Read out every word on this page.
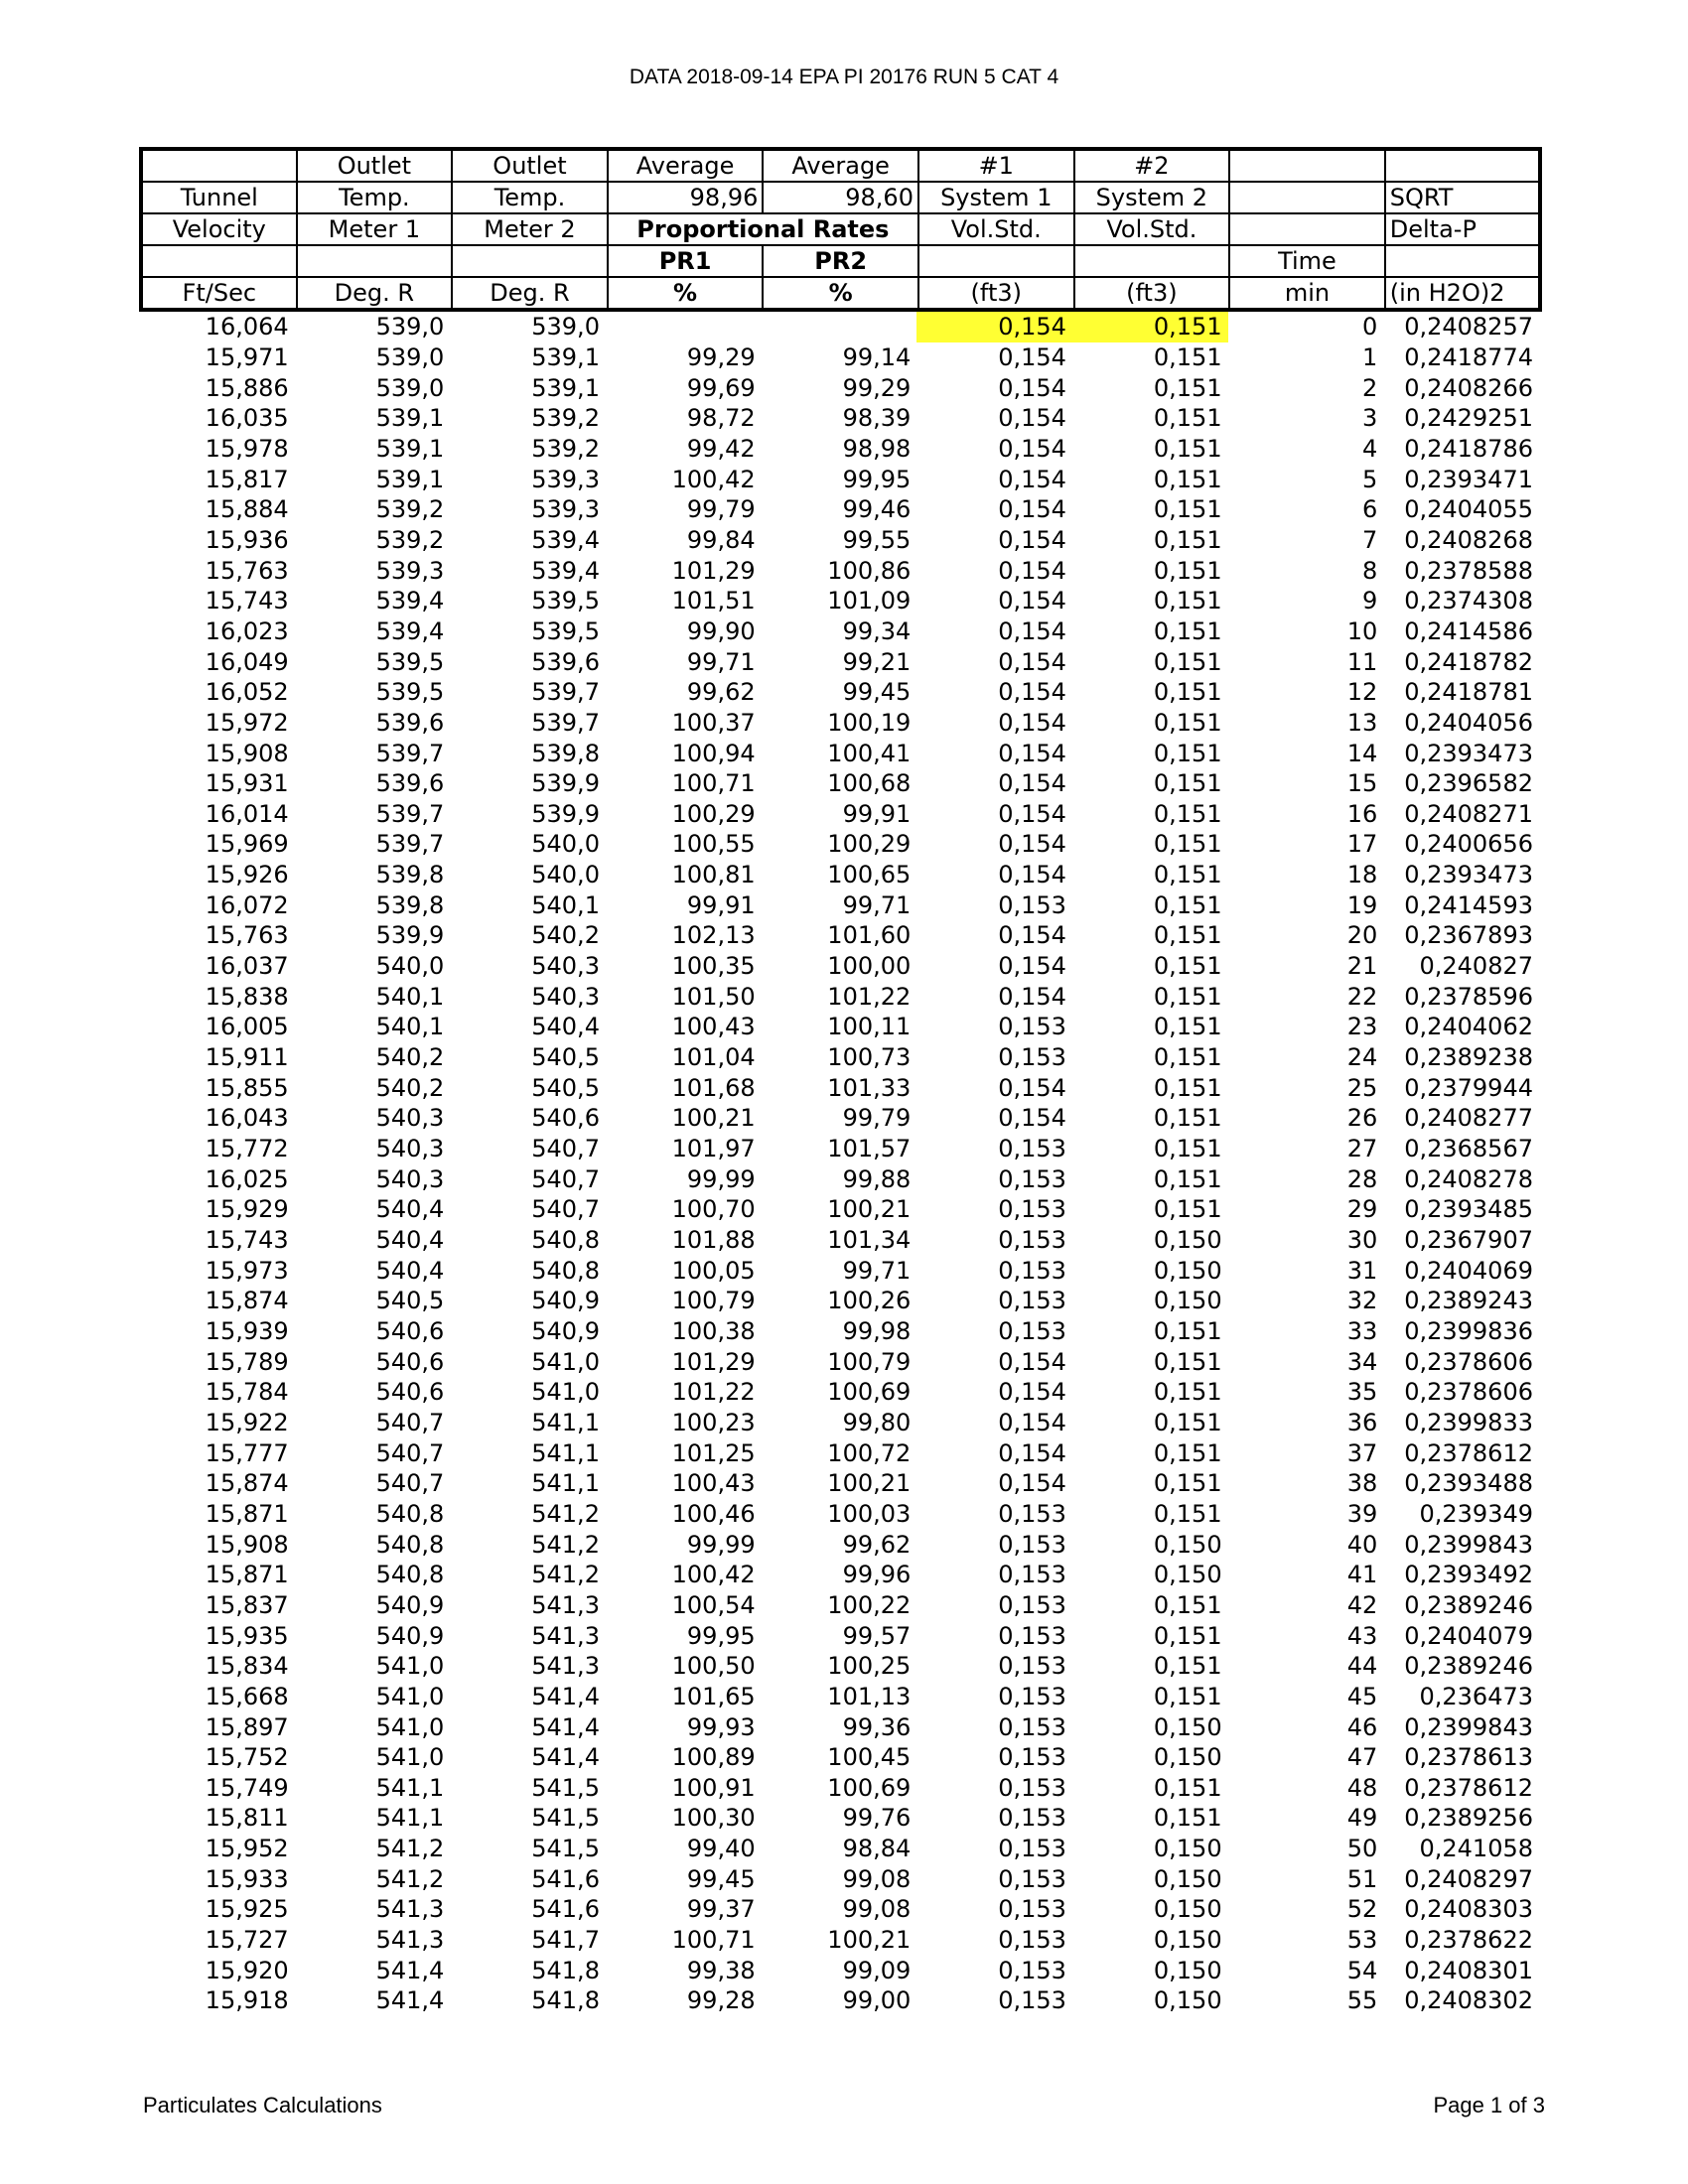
DATA 2018-09-14 EPA PI 20176 RUN 5 CAT 4
	Outlet	Outlet	Average	Average	#1	#2		
Tunnel	Temp.	Temp.	98,96	98,60	System 1	System 2		SQRT
Velocity	Meter 1	Meter 2	Proportional Rates		Vol.Std.	Vol.Std.		Delta-P
			PR1	PR2			Time	
Ft/Sec	Deg. R	Deg. R	%	%	(ft3)	(ft3)	min	(in H2O)2
16,064	539,0	539,0			0,154	0,151	0	0,2408257
15,971	539,0	539,1	99,29	99,14	0,154	0,151	1	0,2418774
15,886	539,0	539,1	99,69	99,29	0,154	0,151	2	0,2408266
16,035	539,1	539,2	98,72	98,39	0,154	0,151	3	0,2429251
15,978	539,1	539,2	99,42	98,98	0,154	0,151	4	0,2418786
15,817	539,1	539,3	100,42	99,95	0,154	0,151	5	0,2393471
15,884	539,2	539,3	99,79	99,46	0,154	0,151	6	0,2404055
15,936	539,2	539,4	99,84	99,55	0,154	0,151	7	0,2408268
15,763	539,3	539,4	101,29	100,86	0,154	0,151	8	0,2378588
15,743	539,4	539,5	101,51	101,09	0,154	0,151	9	0,2374308
16,023	539,4	539,5	99,90	99,34	0,154	0,151	10	0,2414586
16,049	539,5	539,6	99,71	99,21	0,154	0,151	11	0,2418782
16,052	539,5	539,7	99,62	99,45	0,154	0,151	12	0,2418781
15,972	539,6	539,7	100,37	100,19	0,154	0,151	13	0,2404056
15,908	539,7	539,8	100,94	100,41	0,154	0,151	14	0,2393473
15,931	539,6	539,9	100,71	100,68	0,154	0,151	15	0,2396582
16,014	539,7	539,9	100,29	99,91	0,154	0,151	16	0,2408271
15,969	539,7	540,0	100,55	100,29	0,154	0,151	17	0,2400656
15,926	539,8	540,0	100,81	100,65	0,154	0,151	18	0,2393473
16,072	539,8	540,1	99,91	99,71	0,153	0,151	19	0,2414593
15,763	539,9	540,2	102,13	101,60	0,154	0,151	20	0,2367893
16,037	540,0	540,3	100,35	100,00	0,154	0,151	21	0,240827
15,838	540,1	540,3	101,50	101,22	0,154	0,151	22	0,2378596
16,005	540,1	540,4	100,43	100,11	0,153	0,151	23	0,2404062
15,911	540,2	540,5	101,04	100,73	0,153	0,151	24	0,2389238
15,855	540,2	540,5	101,68	101,33	0,154	0,151	25	0,2379944
16,043	540,3	540,6	100,21	99,79	0,154	0,151	26	0,2408277
15,772	540,3	540,7	101,97	101,57	0,153	0,151	27	0,2368567
16,025	540,3	540,7	99,99	99,88	0,153	0,151	28	0,2408278
15,929	540,4	540,7	100,70	100,21	0,153	0,151	29	0,2393485
15,743	540,4	540,8	101,88	101,34	0,153	0,150	30	0,2367907
15,973	540,4	540,8	100,05	99,71	0,153	0,150	31	0,2404069
15,874	540,5	540,9	100,79	100,26	0,153	0,150	32	0,2389243
15,939	540,6	540,9	100,38	99,98	0,153	0,151	33	0,2399836
15,789	540,6	541,0	101,29	100,79	0,154	0,151	34	0,2378606
15,784	540,6	541,0	101,22	100,69	0,154	0,151	35	0,2378606
15,922	540,7	541,1	100,23	99,80	0,154	0,151	36	0,2399833
15,777	540,7	541,1	101,25	100,72	0,154	0,151	37	0,2378612
15,874	540,7	541,1	100,43	100,21	0,154	0,151	38	0,2393488
15,871	540,8	541,2	100,46	100,03	0,153	0,151	39	0,239349
15,908	540,8	541,2	99,99	99,62	0,153	0,150	40	0,2399843
15,871	540,8	541,2	100,42	99,96	0,153	0,150	41	0,2393492
15,837	540,9	541,3	100,54	100,22	0,153	0,151	42	0,2389246
15,935	540,9	541,3	99,95	99,57	0,153	0,151	43	0,2404079
15,834	541,0	541,3	100,50	100,25	0,153	0,151	44	0,2389246
15,668	541,0	541,4	101,65	101,13	0,153	0,151	45	0,236473
15,897	541,0	541,4	99,93	99,36	0,153	0,150	46	0,2399843
15,752	541,0	541,4	100,89	100,45	0,153	0,150	47	0,2378613
15,749	541,1	541,5	100,91	100,69	0,153	0,151	48	0,2378612
15,811	541,1	541,5	100,30	99,76	0,153	0,151	49	0,2389256
15,952	541,2	541,5	99,40	98,84	0,153	0,150	50	0,241058
15,933	541,2	541,6	99,45	99,08	0,153	0,150	51	0,2408297
15,925	541,3	541,6	99,37	99,08	0,153	0,150	52	0,2408303
15,727	541,3	541,7	100,71	100,21	0,153	0,150	53	0,2378622
15,920	541,4	541,8	99,38	99,09	0,153	0,150	54	0,2408301
15,918	541,4	541,8	99,28	99,00	0,153	0,150	55	0,2408302
Particulates Calculations	Page 1 of 3
